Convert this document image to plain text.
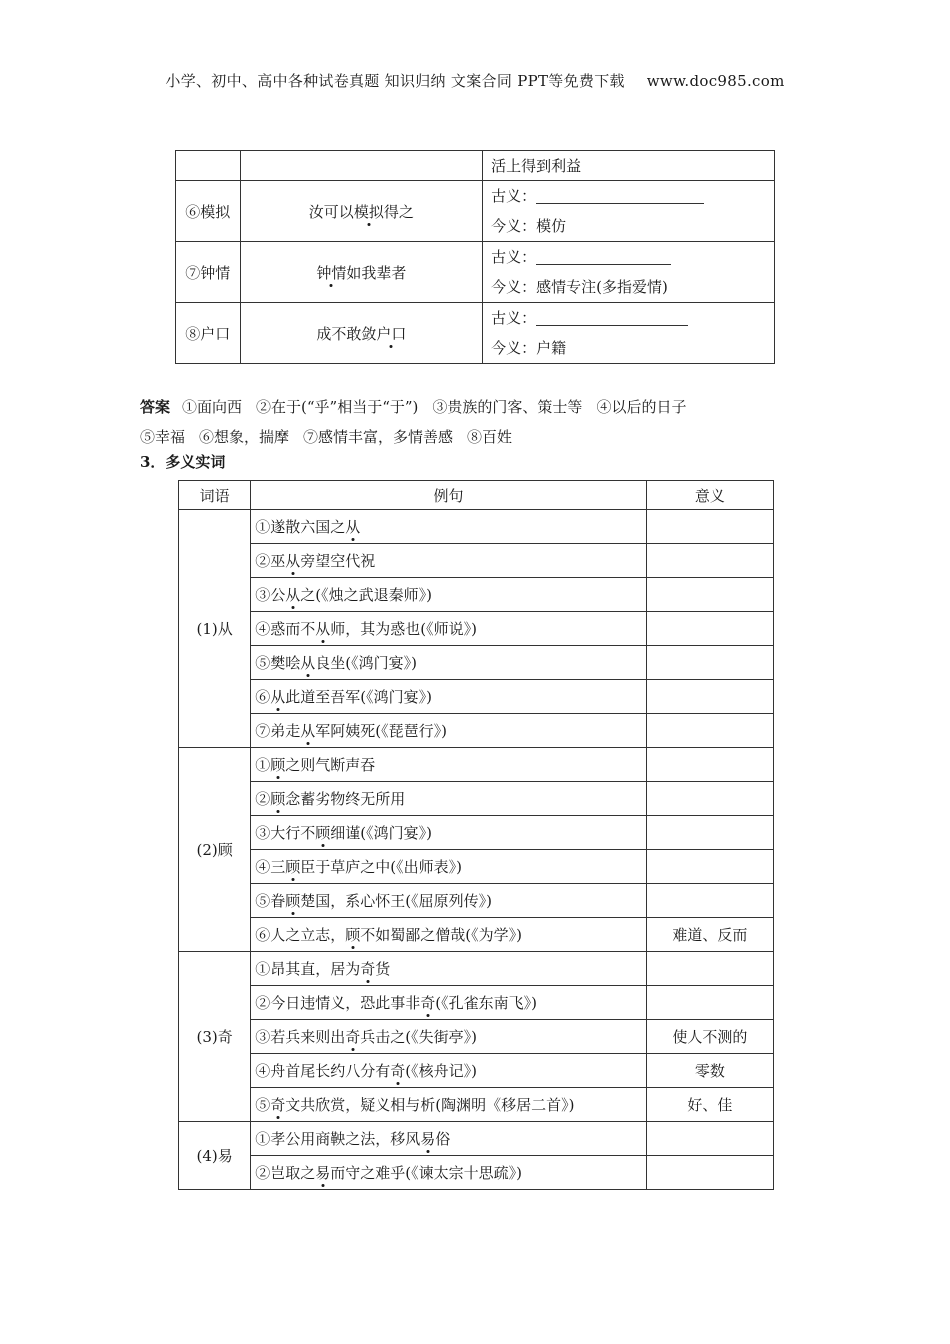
小学、初中、高中各种试卷真题 知识归纳 文案合同 PPT等免费下载 www.doc985.com
		活上得到利益
⑥模拟	汝可以模拟得之	古义：
今义：模仿

⑦钟情	钟情如我辈者	古义：
今义：感情专注(多指爱情)

⑧户口	成不敢敛户口	古义：
今义：户籍
答案 ①面向西 ②在于(“乎”相当于“于”) ③贵族的门客、策士等 ④以后的日子
⑤幸福 ⑥想象，揣摩 ⑦感情丰富，多情善感 ⑧百姓
3．多义实词
词语	例句	意义
(1)从	①遂散六国之从	
	②巫从旁望空代祝	
	③公从之(《烛之武退秦师》)	
	④惑而不从师，其为惑也(《师说》)	
	⑤樊哙从良坐(《鸿门宴》)	
	⑥从此道至吾军(《鸿门宴》)	
	⑦弟走从军阿姨死(《琵琶行》)	
(2)顾	①顾之则气断声吞	
	②顾念蓄劣物终无所用	
	③大行不顾细谨(《鸿门宴》)	
	④三顾臣于草庐之中(《出师表》)	
	⑤眷顾楚国，系心怀王(《屈原列传》)	
	⑥人之立志，顾不如蜀鄙之僧哉(《为学》)	难道、反而
(3)奇	①昂其直，居为奇货	
	②今日违情义，恐此事非奇(《孔雀东南飞》)	
	③若兵来则出奇兵击之(《失街亭》)	使人不测的
	④舟首尾长约八分有奇(《核舟记》)	零数
	⑤奇文共欣赏，疑义相与析(陶渊明《移居二首》)	好、佳
(4)易	①孝公用商鞅之法，移风易俗	
	②岂取之易而守之难乎(《谏太宗十思疏》)	
